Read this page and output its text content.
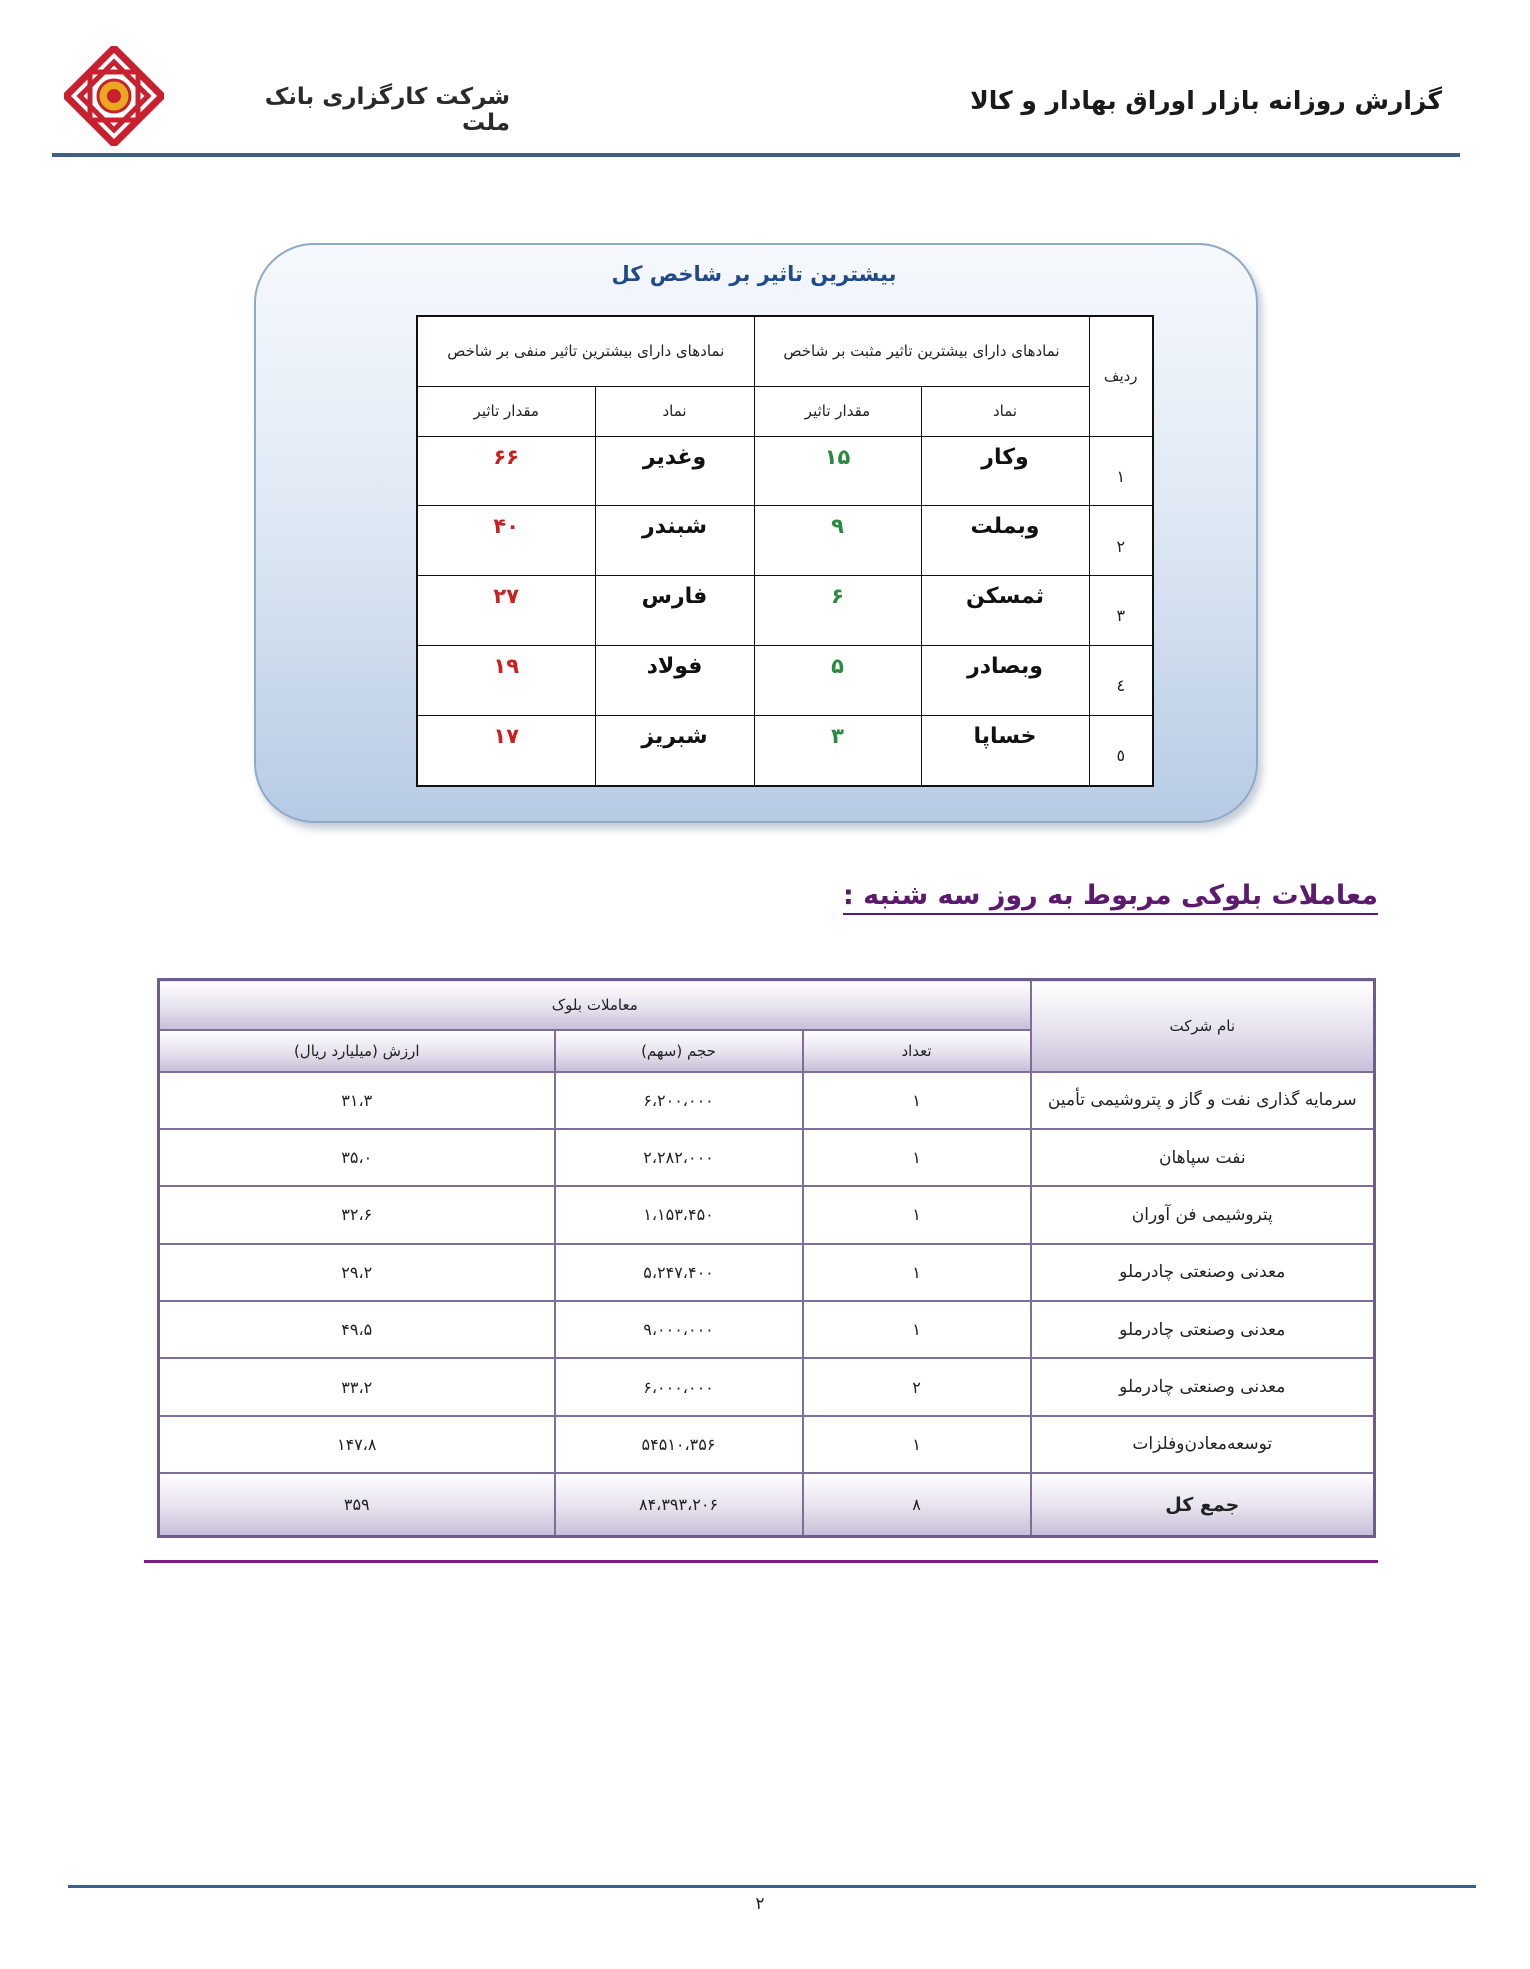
شرکت کارگزاری بانک ملت
گزارش روزانه بازار اوراق بهادار و کالا
بیشترین تاثیر بر شاخص کل
ردیف	نمادهای دارای بیشترین تاثیر مثبت بر شاخص		نمادهای دارای بیشترین تاثیر منفی بر شاخص	
	نماد	مقدار تاثیر	نماد	مقدار تاثیر
۱	وکار	۱۵	وغدیر	۶۶
۲	وبملت	۹	شبندر	۴۰
۳	ثمسکن	۶	فارس	۲۷
٤	وبصادر	۵	فولاد	۱۹
٥	خساپا	۳	شبریز	۱۷
معاملات بلوکی مربوط به روز سه شنبه :
نام شرکت	معاملات بلوک		
	تعداد	حجم (سهم)	ارزش (میلیارد ریال)
سرمایه گذاری نفت و گاز و پتروشیمی تأمین	۱	۶،۲۰۰،۰۰۰	۳۱،۳
نفت سپاهان	۱	۲،۲۸۲،۰۰۰	۳۵،۰
پتروشیمی فن آوران	۱	۱،۱۵۳،۴۵۰	۳۲،۶
معدنی وصنعتی چادرملو	۱	۵،۲۴۷،۴۰۰	۲۹،۲
معدنی وصنعتی چادرملو	۱	۹،۰۰۰،۰۰۰	۴۹،۵
معدنی وصنعتی چادرملو	۲	۶،۰۰۰،۰۰۰	۳۳،۲
توسعه‌معادن‌وفلزات	۱	۵۴۵۱۰،۳۵۶	۱۴۷،۸
جمع کل	۸	۸۴،۳۹۳،۲۰۶	۳۵۹
۲
